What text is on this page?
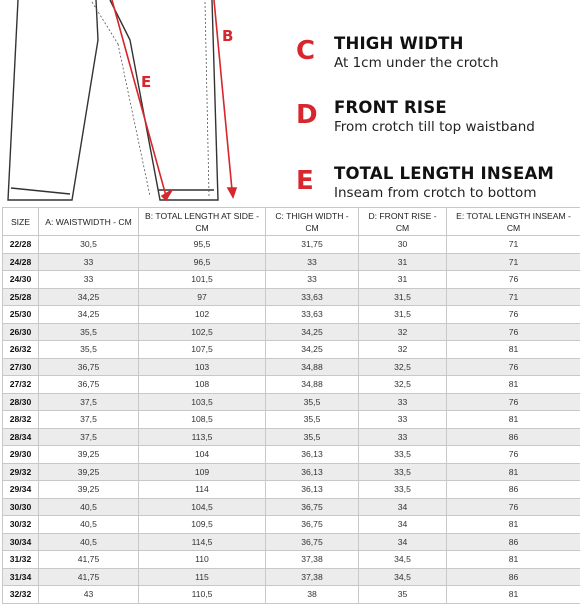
B
E
C	THIGH WIDTH
At 1cm under the crotch
D FRONT RISE
From crotch till top waistband
E	TOTAL LENGTH INSEAM
Inseam from crotch to bottom
SIZE	A: WAISTWIDTH - CM	B: TOTAL LENGTH AT SIDE - CM	C: THIGH WIDTH - CM	D: FRONT RISE - CM	E: TOTAL LENGTH INSEAM - CM
22/28	30,5	95,5	31,75	30	71
24/28	33	96,5	33	31	71
24/30	33	101,5	33	31	76
25/28	34,25	97	33,63	31,5	71
25/30	34,25	102	33,63	31,5	76
26/30	35,5	102,5	34,25	32	76
26/32	35,5	107,5	34,25	32	81
27/30	36,75	103	34,88	32,5	76
27/32	36,75	108	34,88	32,5	81
28/30	37,5	103,5	35,5	33	76
28/32	37,5	108,5	35,5	33	81
28/34	37,5	113,5	35,5	33	86
29/30	39,25	104	36,13	33,5	76
29/32	39,25	109	36,13	33,5	81
29/34	39,25	114	36,13	33,5	86
30/30	40,5	104,5	36,75	34	76
30/32	40,5	109,5	36,75	34	81
30/34	40,5	114,5	36,75	34	86
31/32	41,75	110	37,38	34,5	81
31/34	41,75	115	37,38	34,5	86
32/32	43	110,5	38	35	81
